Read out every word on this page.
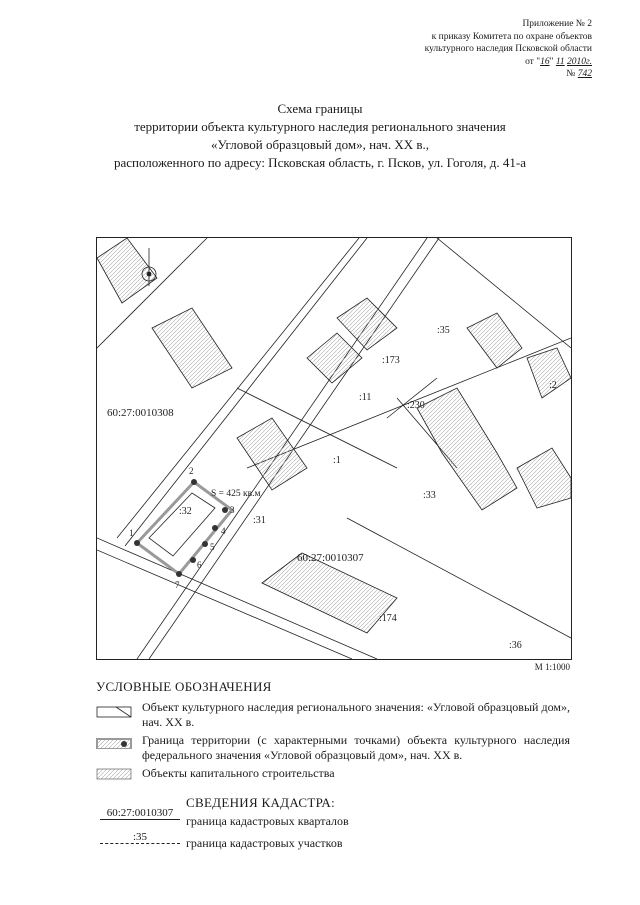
Приложение № 2
к приказу Комитета по охране объектов
культурного наследия Псковской области
от "16" 11 2010г.
№ 742
Схема границы
территории объекта культурного наследия регионального значения
«Угловой образцовый дом», нач. XX в.,
расположенного по адресу: Псковская область, г. Псков, ул. Гоголя, д. 41-а
1
2
3
4
5
6
7
60:27:0010308
60:27:0010307
:35
:173
:11
:230
:1
:33
:32
:31
:174
:36
:2
S = 425 кв.м
М 1:1000
УСЛОВНЫЕ ОБОЗНАЧЕНИЯ
Объект культурного наследия регионального значения: «Угловой образцовый дом», нач. XX в.
Граница территории (с характерными точками) объекта культурного наследия федерального значения «Угловой образцовый дом», нач. XX в.
Объекты капитального строительства
СВЕДЕНИЯ КАДАСТРА:
60:27:0010307
граница кадастровых кварталов
:35	граница кадастровых участков
